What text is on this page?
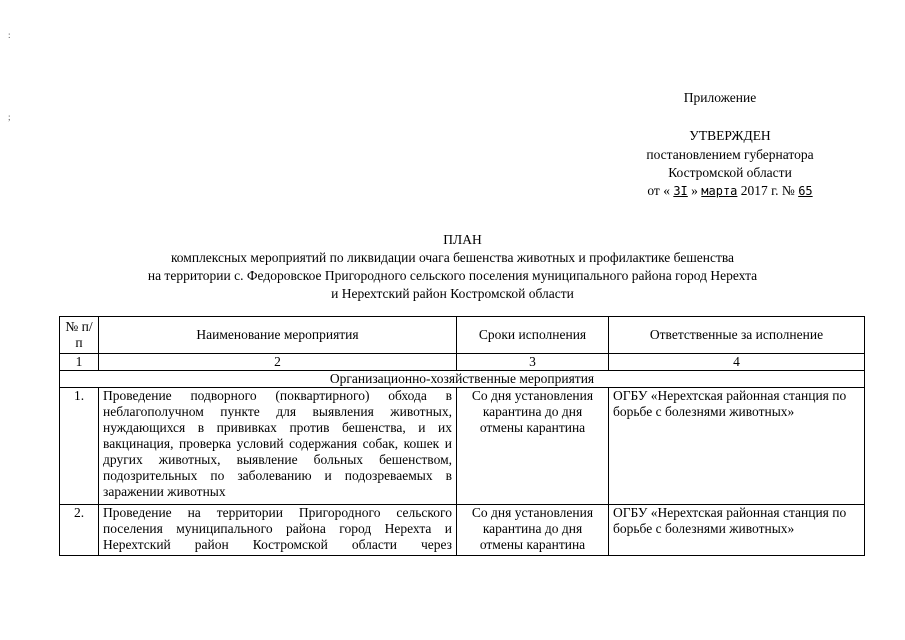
:
;
Приложение
УТВЕРЖДЕН
постановлением губернатора
Костромской области
от « 3I » марта 2017 г. № 65
ПЛАН
комплексных мероприятий по ликвидации очага бешенства животных и профилактике бешенства
на территории с. Федоровское Пригородного сельского поселения муниципального района город Нерехта
и Нерехтский район Костромской области
№ п/п	Наименование мероприятия	Сроки исполнения	Ответственные за исполнение
1	2	3	4
Организационно-хозяйственные мероприятия			
1.	Проведение подворного (поквартирного) обхода в неблагополучном пункте для выявления животных, нуждающихся в прививках против бешенства, и их вакцинация, проверка условий содержания собак, кошек и других животных, выявление больных бешенством, подозрительных по заболеванию и подозреваемых в заражении животных	Со дня установления карантина до дня отмены карантина	ОГБУ «Нерехтская районная станция по борьбе с болезнями животных»
2.	Проведение на территории Пригородного сельского поселения муниципального района город Нерехта и Нерехтский район Костромской области через	Со дня установления карантина до дня отмены карантина	ОГБУ «Нерехтская районная станция по борьбе с болезнями животных»
